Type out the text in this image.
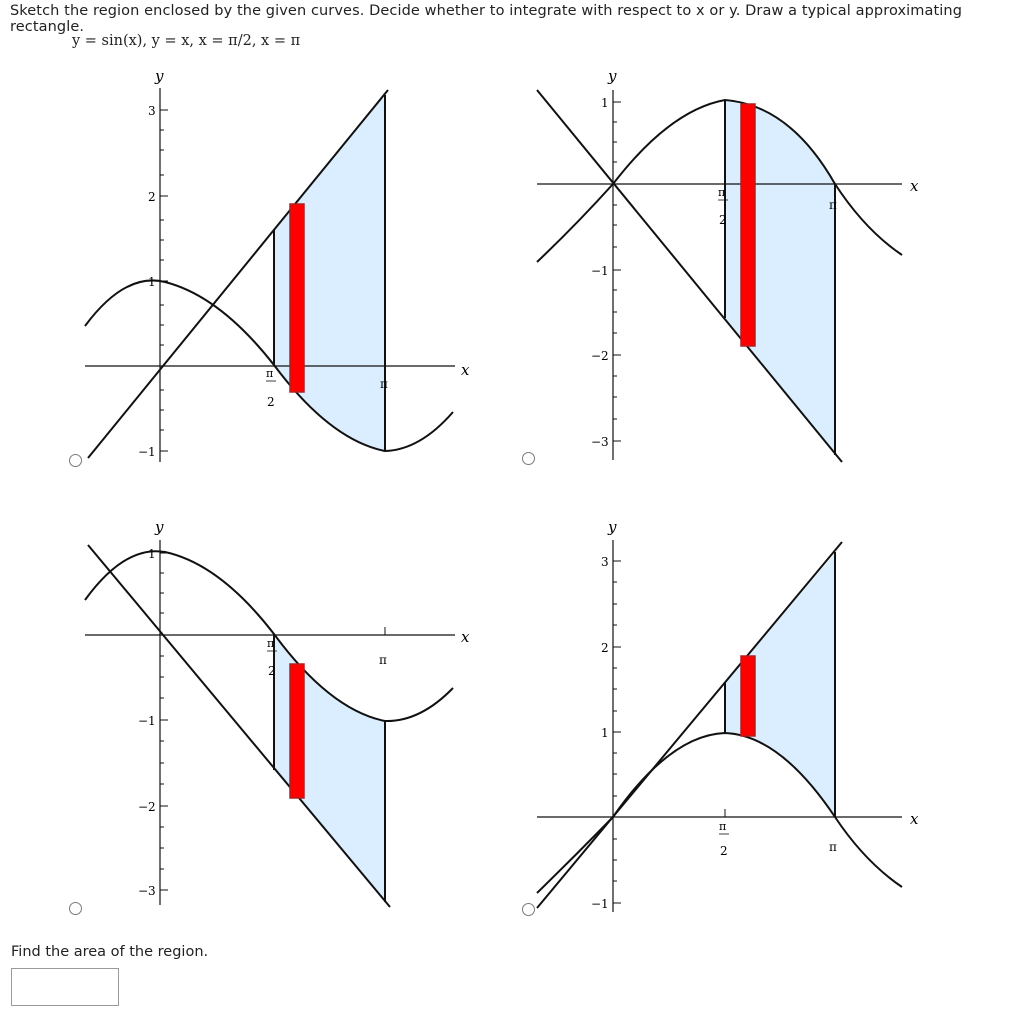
Sketch the region enclosed by the given curves. Decide whether to integrate with respect to x or y. Draw a typical approximating rectangle.
y = sin(x), y = x, x = π/2, x = π
y
x
3
2
1
−1
π
2
π
y
x
1
−1
−2
−3
π
2
π
y
x
1
−1
−2
−3
π
2
π
y
x
3
2
1
−1
π
2	π
Find the area of the region.
